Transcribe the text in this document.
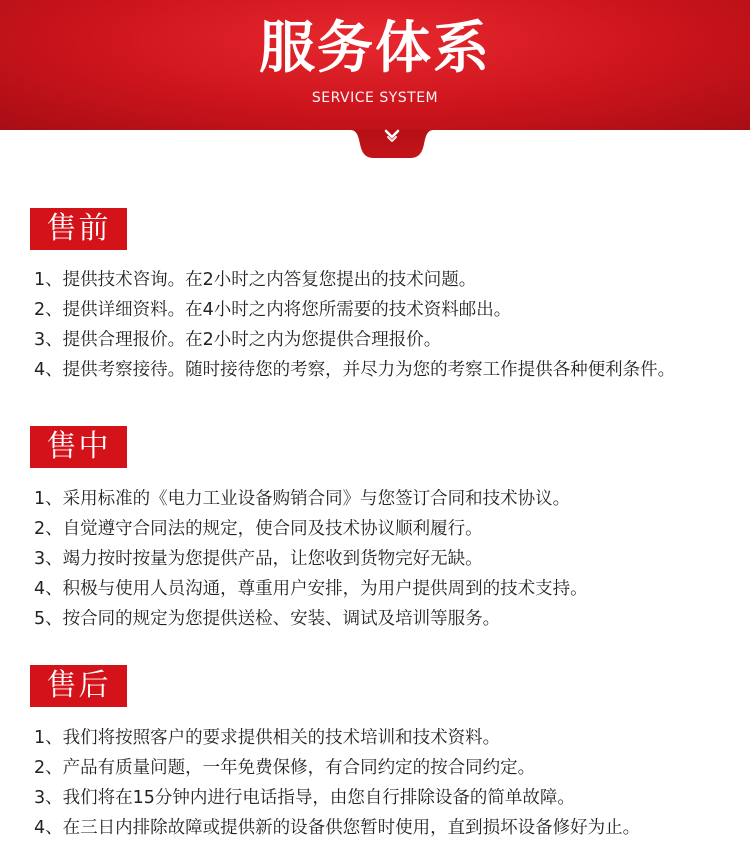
服务体系
SERVICE SYSTEM
售前
1、提供技术咨询。在2小时之内答复您提出的技术问题。
2、提供详细资料。在4小时之内将您所需要的技术资料邮出。
3、提供合理报价。在2小时之内为您提供合理报价。
4、提供考察接待。随时接待您的考察，并尽力为您的考察工作提供各种便利条件。
售中
1、采用标准的《电力工业设备购销合同》与您签订合同和技术协议。
2、自觉遵守合同法的规定，使合同及技术协议顺利履行。
3、竭力按时按量为您提供产品，让您收到货物完好无缺。
4、积极与使用人员沟通，尊重用户安排，为用户提供周到的技术支持。
5、按合同的规定为您提供送检、安装、调试及培训等服务。
售后
1、我们将按照客户的要求提供相关的技术培训和技术资料。
2、产品有质量问题，一年免费保修，有合同约定的按合同约定。
3、我们将在15分钟内进行电话指导，由您自行排除设备的简单故障。
4、在三日内排除故障或提供新的设备供您暂时使用，直到损坏设备修好为止。
